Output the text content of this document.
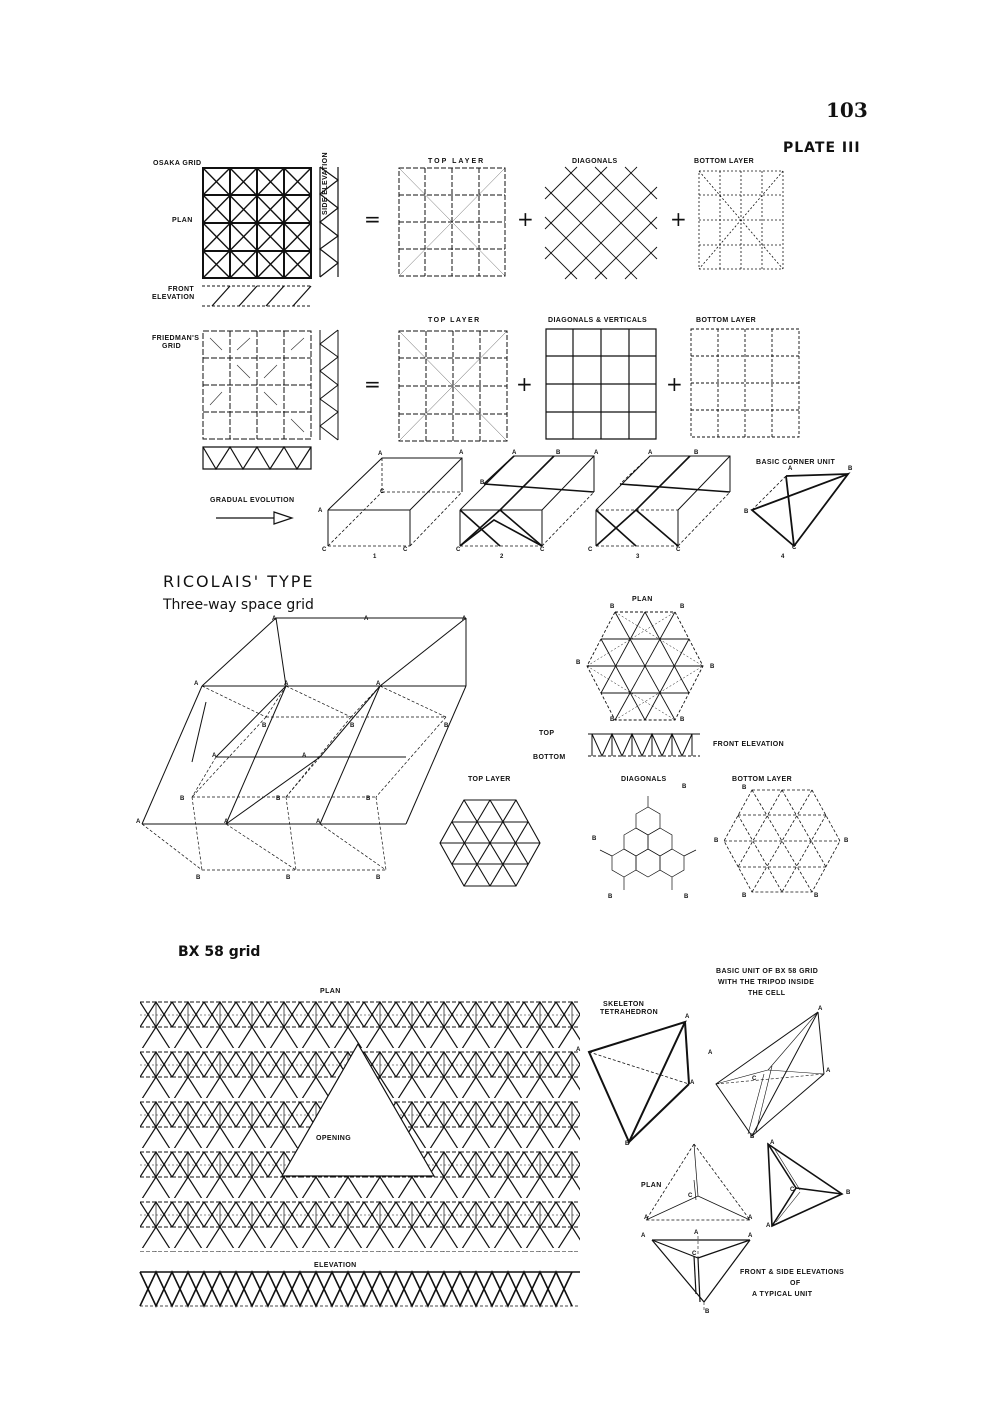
103
PLATE III
OSAKA GRID
PLAN
FRONT
ELEVATION
SIDE ELEVATION	TOP LAYER	DIAGONALS	BOTTOM LAYER
=	+	+
FRIEDMAN'S
GRID
TOP LAYER	DIAGONALS & VERTICALS	BOTTOM LAYER
=	+	+
GRADUAL EVOLUTION
BASIC CORNER UNIT
1	2	3	4
A	A
A
C	C
C
A	B	A
B
C	C
A	B
C	C
A	B
B
C
RICOLAIS' TYPE
Three-way space grid
A	A	A
A	A	A
B	B	B
A	A
B	B	B
A	A	A
B	B	B
PLAN
B	B
B
B
B	B
TOP
BOTTOM
FRONT ELEVATION
TOP LAYER	DIAGONALS	BOTTOM LAYER
B
B	B
B	B
B	B
B	B
BX 58 grid
PLAN
OPENING
ELEVATION
SKELETON
TETRAHEDRON
A
A
A
B
BASIC UNIT OF BX 58 GRID
WITH THE TRIPOD INSIDE
THE CELL
A
A
A
C
B
PLAN
C
A	A
A
C	B
A
A	A	A
C
B
FRONT & SIDE ELEVATIONS
OF
A TYPICAL UNIT
